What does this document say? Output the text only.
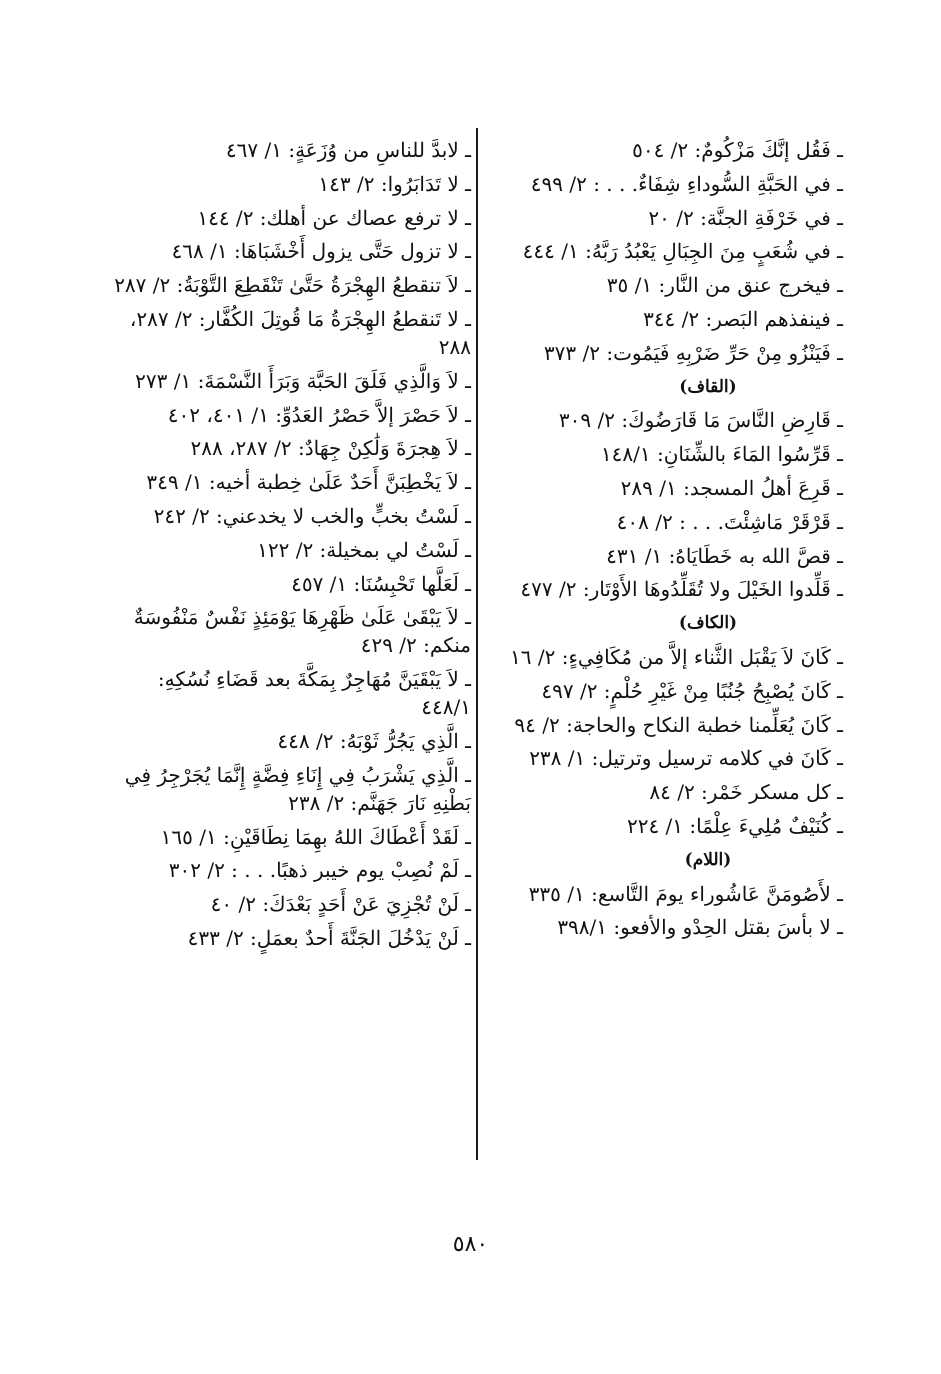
ـ فَقُل إنَّكَ مَزْكُومٌ: ٢/ ٥٠٤
ـ في الحَبَّةِ السُّوداءِ شِفَاءٌ. . . : ٢/ ٤٩٩
ـ في خَرْفَةِ الجنَّة: ٢/ ٢٠
ـ في شُعَبٍ مِنَ الجِبَالِ يَعْبُدُ رَبَّهُ: ١/ ٤٤٤
ـ فيخرج عنق من النَّار: ١/ ٣٥
ـ فينفذهم البَصر: ٢/ ٣٤٤
ـ فَيَنْزُو مِنْ حَرِّ ضَرْبِهِ فَيَمُوت: ٢/ ٣٧٣
(القاف)
ـ قَارِضِ النَّاسَ مَا قَارَضُوكَ: ٢/ ٣٠٩
ـ قَرِّسُوا المَاءَ بالشِّنَانِ: ١٤٨/١
ـ قَرِعَ أهلُ المسجد: ١/ ٢٨٩
ـ قَرْقَرْ مَاشِئْتَ. . . : ٢/ ٤٠٨
ـ قصَّ الله به خَطَايَاهُ: ١/ ٤٣١
ـ قَلِّدوا الخَيْلَ ولا تُقَلِّدُوهَا الأَوْتَار: ٢/ ٤٧٧
(الكاف)
ـ كَانَ لاَ يَقْبَل الثَّناء إلاَّ من مُكَافِيءٍ: ٢/ ١٦
ـ كَانَ يُصْبِحُ جُنُبًا مِنْ غَيْرِ حُلْمٍ: ٢/ ٤٩٧
ـ كَانَ يُعَلِّمنا خطبة النكاح والحاجة: ٢/ ٩٤
ـ كَانَ في كلامه ترسيل وترتيل: ١/ ٢٣٨
ـ كل مسكر خَمْر: ٢/ ٨٤
ـ كُنَيْفٌ مُلِيءَ عِلْمًا: ١/ ٢٢٤
(اللام)
ـ لأَصُومَنَّ عَاشُوراء يومَ التَّاسع: ١/ ٣٣٥
ـ لا بأسَ بقتل الحِدْو والأفعو: ٣٩٨/١
ـ لابدَّ للناسِ من وُزَعَةٍ: ١/ ٤٦٧
ـ لا تَدَابَرُوا: ٢/ ١٤٣
ـ لا ترفع عصاك عن أهلك: ٢/ ١٤٤
ـ لا تزول حَتَّى يزول أَخْشَبَاهَا: ١/ ٤٦٨
ـ لاَ تنقطعُ الهِجْرَةُ حَتَّىٰ تَنْقَطِعَ التَّوْبَةُ: ٢/ ٢٨٧
ـ لا تَنقطعُ الهِجْرَةُ مَا قُوتِلَ الكُفَّار: ٢/ ٢٨٧، ٢٨٨
ـ لاَ وَالَّذِي فَلَقَ الحَبَّة وَبَرَأَ النَّسْمَةَ: ١/ ٢٧٣
ـ لاَ حَصْرَ إلاَّ حَصْرُ العَدُوِّ: ١/ ٤٠١، ٤٠٢
ـ لاَ هِجرَةَ وَلَٰكِنْ جِهَادٌ: ٢/ ٢٨٧، ٢٨٨
ـ لاَ يَخْطِبَنَّ أَحَدٌ عَلَىٰ خِطبة أخيه: ١/ ٣٤٩
ـ لَسْتُ بخبٍّ والخب لا يخدعني: ٢/ ٢٤٢
ـ لَسْتُ لي بمخيلة: ٢/ ١٢٢
ـ لَعَلَّها تَحْبِسُنَا: ١/ ٤٥٧
ـ لاَ يَبْقَىٰ عَلَىٰ ظَهْرِهَا يَوْمَئِذٍ نَفْسٌ مَنْفُوسَةٌ منكم: ٢/ ٤٢٩
ـ لاَ يَبْقَيَنَّ مُهَاجِرٌ بِمَكَّةَ بعد قَضَاءِ نُسُكِهِ: ٤٤٨/١
ـ الَّذِي يَجُرُّ ثَوْبَهُ: ٢/ ٤٤٨
ـ الَّذِي يَشْرَبُ فِي إِنَاءِ فِضَّةٍ إِنَّمَا يُجَرْجِرُ فِي بَطْنِهِ نَارَ جَهَنَّم: ٢/ ٢٣٨
ـ لَقَدْ أَعْطَاكَ اللهُ بهِمَا نِطَاقَيْنِ: ١/ ١٦٥
ـ لَمْ نُصِبْ يوم خيبر ذهبًا. . . : ٢/ ٣٠٢
ـ لَنْ تُجْزِيَ عَنْ أَحَدٍ بَعْدَكَ: ٢/ ٤٠
ـ لَنْ يَدْخُلَ الجَنَّةَ أَحدٌ بعمَلٍ: ٢/ ٤٣٣
٥٨٠
